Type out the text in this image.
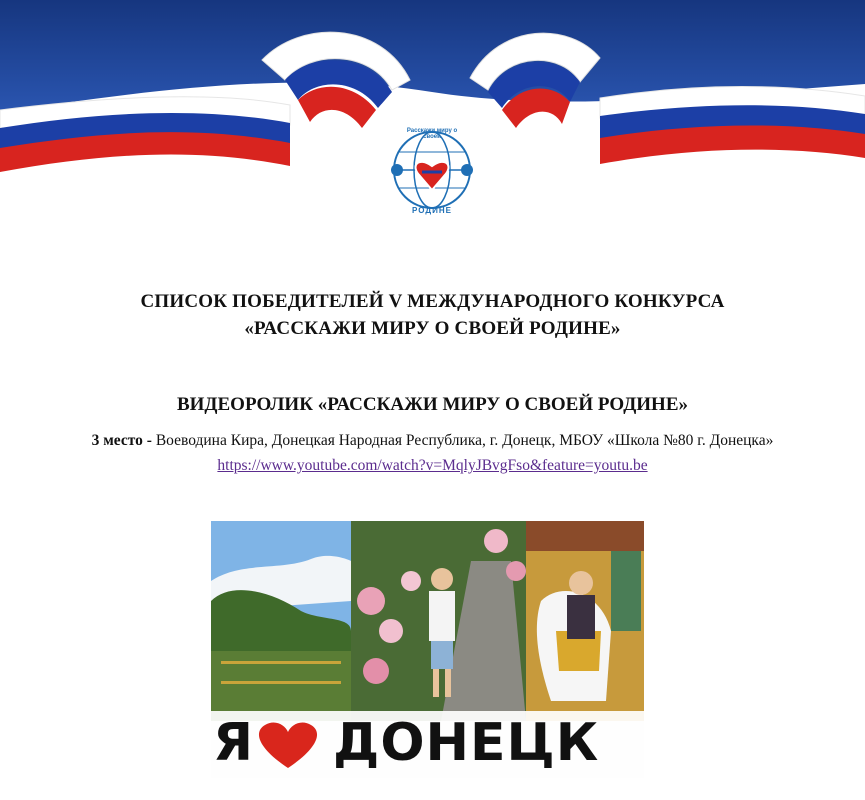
Расскажи миру о своей
РОДИНЕ
СПИСОК ПОБЕДИТЕЛЕЙ V МЕЖДУНАРОДНОГО КОНКУРСА
«РАССКАЖИ МИРУ О СВОЕЙ РОДИНЕ»
ВИДЕОРОЛИК «РАССКАЖИ МИРУ О СВОЕЙ РОДИНЕ»
3 место - Воеводина Кира, Донецкая Народная Республика, г. Донецк, МБОУ «Школа №80 г. Донецка»
https://www.youtube.com/watch?v=MqlyJBvgFso&feature=youtu.be
Я ДОНЕЦК
